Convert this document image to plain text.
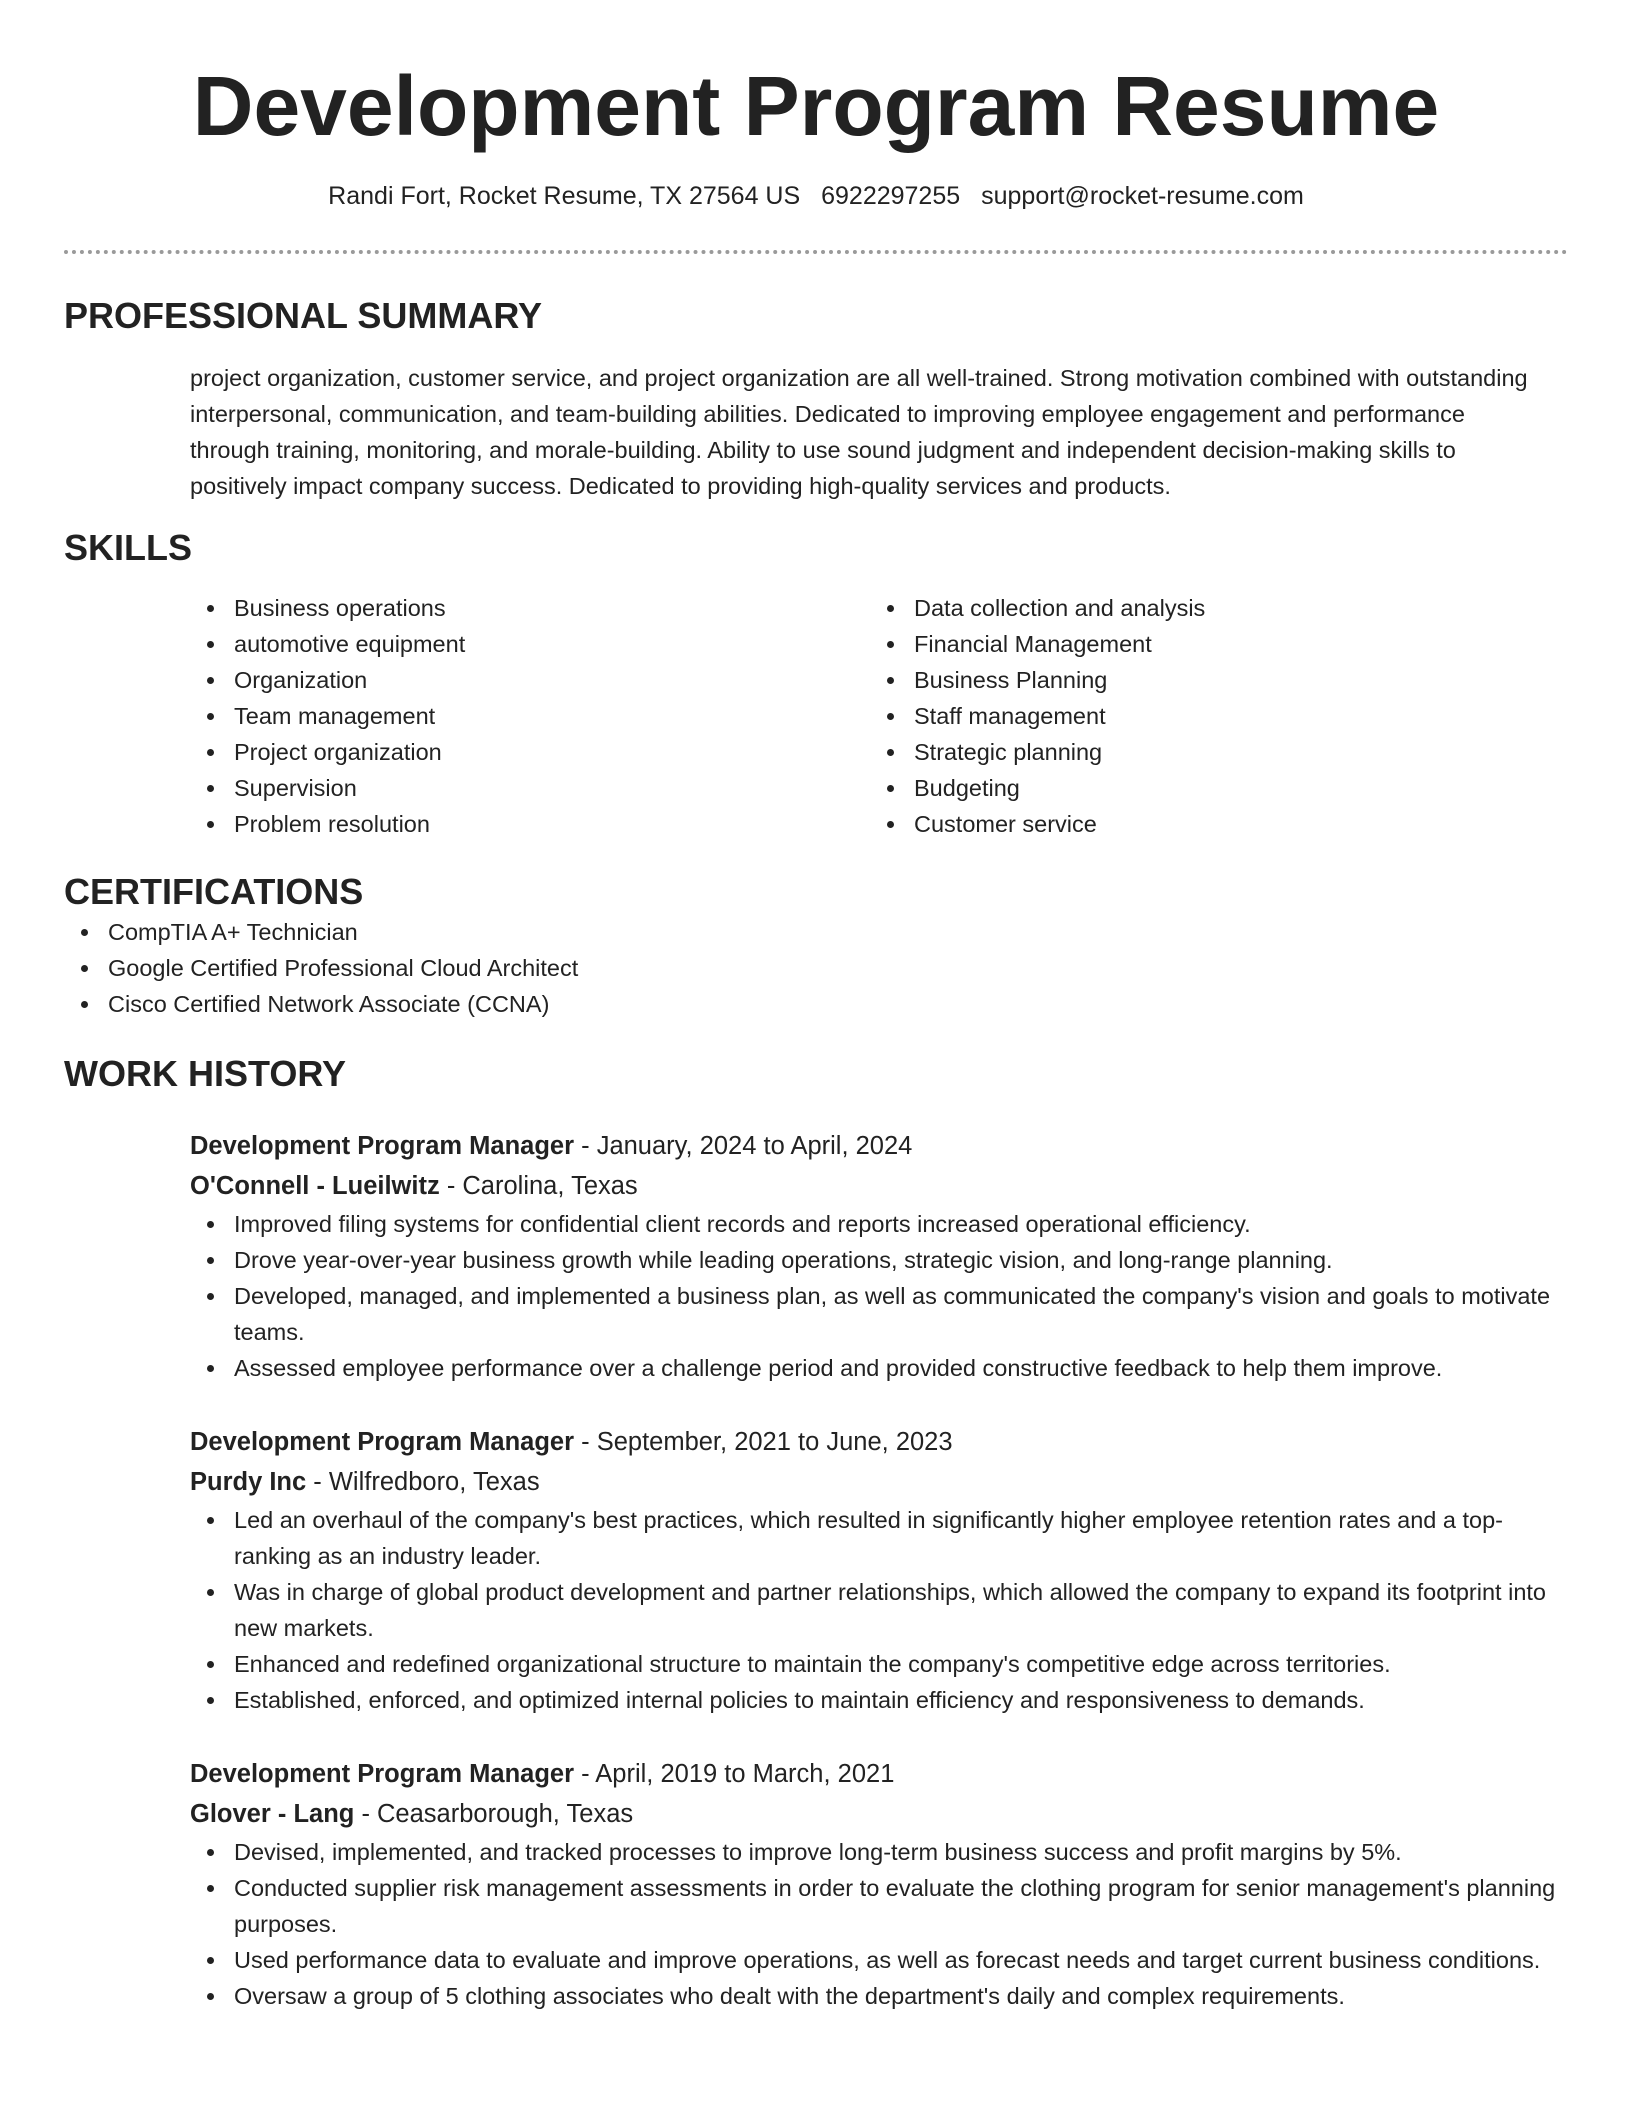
Development Program Resume
Randi Fort, Rocket Resume, TX 27564 US 6922297255 support@rocket-resume.com
PROFESSIONAL SUMMARY
project organization, customer service, and project organization are all well-trained. Strong motivation combined with outstanding interpersonal, communication, and team-building abilities. Dedicated to improving employee engagement and performance through training, monitoring, and morale-building. Ability to use sound judgment and independent decision-making skills to positively impact company success. Dedicated to providing high-quality services and products.
SKILLS
Business operations
automotive equipment
Organization
Team management
Project organization
Supervision
Problem resolution
Data collection and analysis
Financial Management
Business Planning
Staff management
Strategic planning
Budgeting
Customer service
CERTIFICATIONS
CompTIA A+ Technician
Google Certified Professional Cloud Architect
Cisco Certified Network Associate (CCNA)
WORK HISTORY
Development Program Manager - January, 2024 to April, 2024
O'Connell - Lueilwitz - Carolina, Texas
Improved filing systems for confidential client records and reports increased operational efficiency.
Drove year-over-year business growth while leading operations, strategic vision, and long-range planning.
Developed, managed, and implemented a business plan, as well as communicated the company's vision and goals to motivate teams.
Assessed employee performance over a challenge period and provided constructive feedback to help them improve.
Development Program Manager - September, 2021 to June, 2023
Purdy Inc - Wilfredboro, Texas
Led an overhaul of the company's best practices, which resulted in significantly higher employee retention rates and a top-ranking as an industry leader.
Was in charge of global product development and partner relationships, which allowed the company to expand its footprint into new markets.
Enhanced and redefined organizational structure to maintain the company's competitive edge across territories.
Established, enforced, and optimized internal policies to maintain efficiency and responsiveness to demands.
Development Program Manager - April, 2019 to March, 2021
Glover - Lang - Ceasarborough, Texas
Devised, implemented, and tracked processes to improve long-term business success and profit margins by 5%.
Conducted supplier risk management assessments in order to evaluate the clothing program for senior management's planning purposes.
Used performance data to evaluate and improve operations, as well as forecast needs and target current business conditions.
Oversaw a group of 5 clothing associates who dealt with the department's daily and complex requirements.
